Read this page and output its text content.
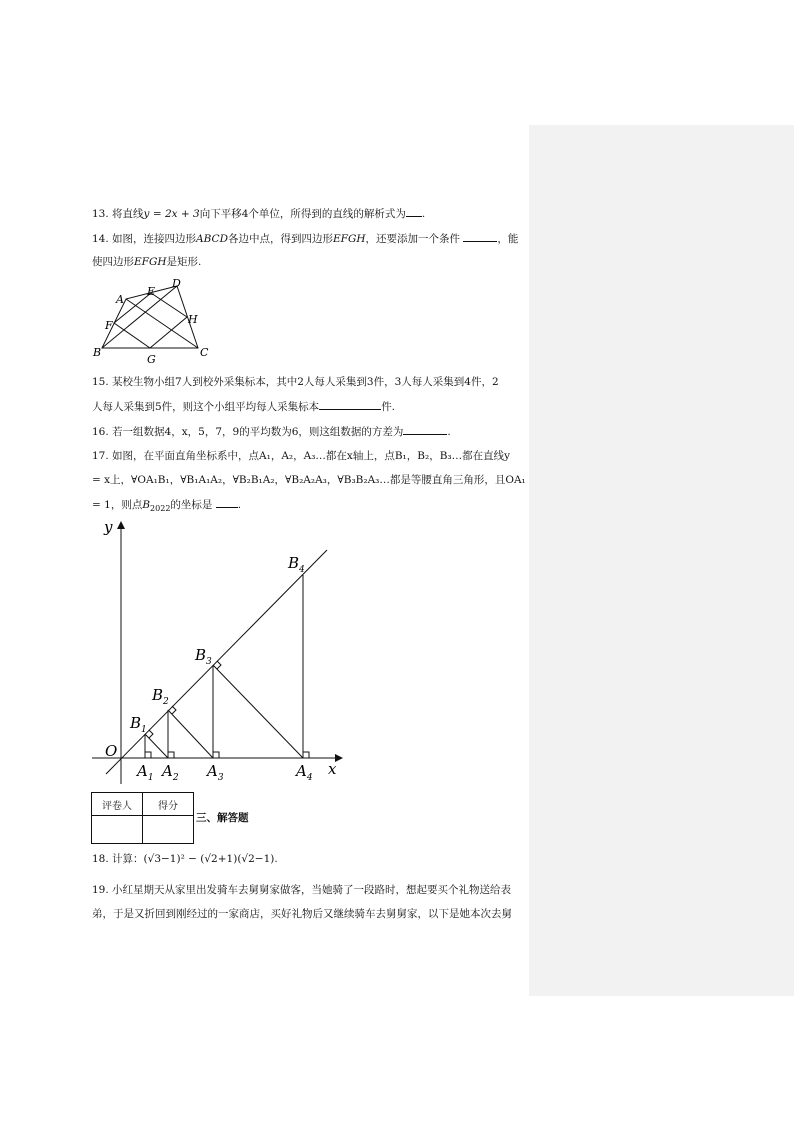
13. 将直线y = 2x + 3向下平移4个单位，所得到的直线的解析式为 .
14. 如图，连接四边形ABCD各边中点，得到四边形EFGH，还要添加一个条件	，能
使四边形EFGH是矩形.
A
B	C
D
E
F
G
H
15. 某校生物小组7人到校外采集标本，其中2人每人采集到3件，3人每人采集到4件，2
人每人采集到5件，则这个小组平均每人采集标本	件.
16. 若一组数据4，x，5，7，9的平均数为6，则这组数据的方差为	.
17. 如图，在平面直角坐标系中，点A₁，A₂，A₃…都在x轴上，点B₁，B₂，B₃…都在直线y
= x上，∀OA₁B₁，∀B₁A₁A₂，∀B₂B₁A₂，∀B₂A₂A₃，∀B₃B₂A₃…都是等腰直角三角形，且OA₁
= 1，则点$B_{2022}$的坐标是 .
y
x
O
$B_1$
$B_2$
$B_3$
$B_4$
$A_1$ $A_2$ $A_3$	$A_4$
评卷人	得分

三、解答题
18. 计算：(√3−1)² − (√2+1)(√2−1).
19. 小红星期天从家里出发骑车去舅舅家做客，当她骑了一段路时，想起要买个礼物送给表
弟，于是又折回到刚经过的一家商店，买好礼物后又继续骑车去舅舅家，以下是她本次去舅
